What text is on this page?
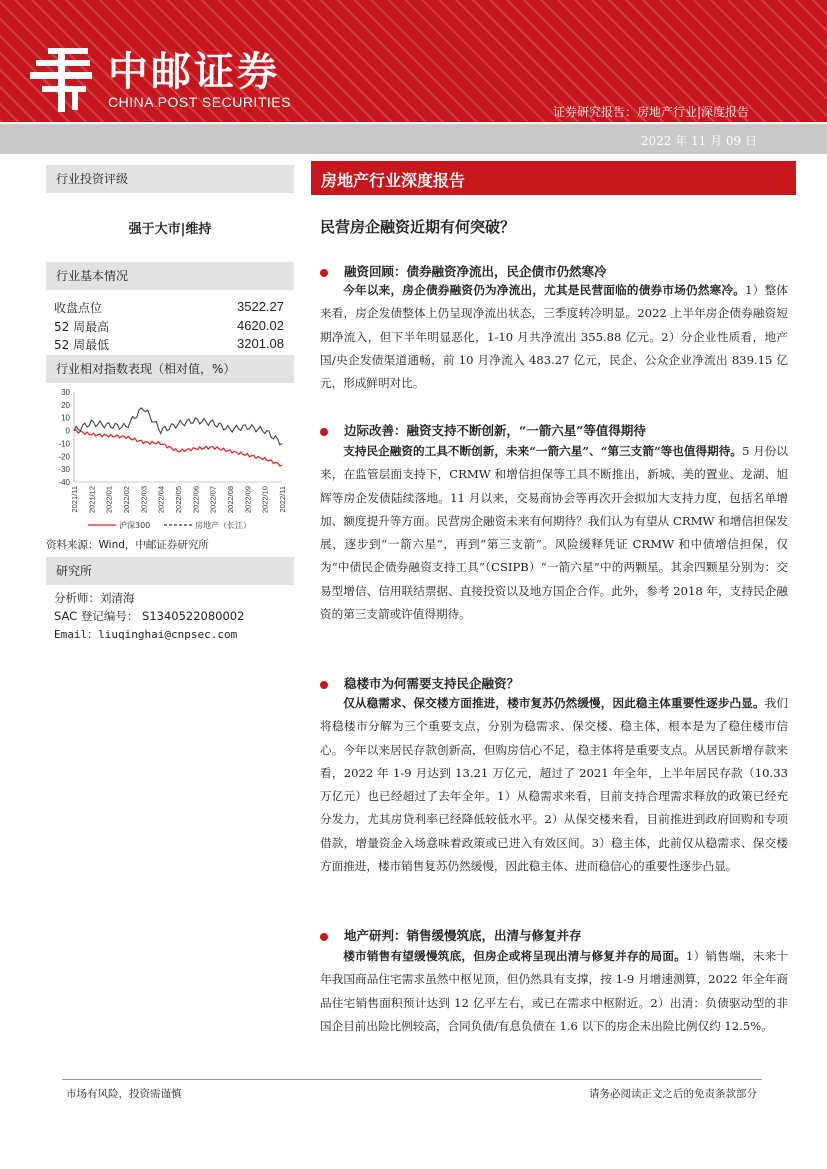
中邮证券
CHINA POST SECURITIES
证券研究报告：房地产行业|深度报告
2022 年 11 月 09 日
行业投资评级
强于大市|维持
行业基本情况
收盘点位	3522.27
52 周最高	4620.02
52 周最低	3201.08
行业相对指数表现（相对值，%）
30
20
10
0
-10
-20
-30
-40
2021/11 2021/12 2022/01 2022/02 2022/03 2022/04 2022/05 2022/06 2022/07 2022/08 2022/09 2022/10 2022/11
沪深300	房地产（长江）
资料来源：Wind，中邮证券研究所
研究所
分析师：刘清海
SAC 登记编号： S1340522080002
Email：liuqinghai@cnpsec.com
房地产行业深度报告
民营房企融资近期有何突破？
融资回顾：债券融资净流出，民企债市仍然寒冷
今年以来，房企债券融资仍为净流出，尤其是民营面临的债券市场仍然寒冷。1）整体来看，房企发债整体上仍呈现净流出状态，三季度转冷明显。2022 上半年房企债券融资短期净流入，但下半年明显恶化，1-10 月共净流出 355.88 亿元。2）分企业性质看，地产国/央企发债渠道通畅，前 10 月净流入 483.27 亿元，民企、公众企业净流出 839.15 亿元，形成鲜明对比。
边际改善：融资支持不断创新，“一箭六星”等值得期待
支持民企融资的工具不断创新，未来“一箭六星”、“第三支箭”等也值得期待。5 月份以来，在监管层面支持下，CRMW 和增信担保等工具不断推出，新城、美的置业、龙湖、旭辉等房企发债陆续落地。11 月以来，交易商协会等再次开会拟加大支持力度，包括名单增加、额度提升等方面。民营房企融资未来有何期待？我们认为有望从 CRMW 和增信担保发展，逐步到“一箭六星”，再到“第三支箭”。风险缓释凭证 CRMW 和中债增信担保，仅为“中债民企债券融资支持工具”（CSIPB）“一箭六星”中的两颗星。其余四颗星分别为：交易型增信、信用联结票据、直接投资以及地方国企合作。此外，参考 2018 年，支持民企融资的第三支箭或许值得期待。
稳楼市为何需要支持民企融资？
仅从稳需求、保交楼方面推进，楼市复苏仍然缓慢，因此稳主体重要性逐步凸显。我们将稳楼市分解为三个重要支点，分别为稳需求、保交楼、稳主体，根本是为了稳住楼市信心。今年以来居民存款创新高，但购房信心不足，稳主体将是重要支点。从居民新增存款来看，2022 年 1-9 月达到 13.21 万亿元，超过了 2021 年全年，上半年居民存款（10.33 万亿元）也已经超过了去年全年。1）从稳需求来看，目前支持合理需求释放的政策已经充分发力，尤其房贷利率已经降低较低水平。2）从保交楼来看，目前推进到政府回购和专项借款，增量资金入场意味着政策或已进入有效区间。3）稳主体，此前仅从稳需求、保交楼方面推进，楼市销售复苏仍然缓慢，因此稳主体、进而稳信心的重要性逐步凸显。
地产研判：销售缓慢筑底，出清与修复并存
楼市销售有望缓慢筑底，但房企或将呈现出清与修复并存的局面。1）销售端，未来十年我国商品住宅需求虽然中枢见顶，但仍然具有支撑，按 1-9 月增速测算，2022 年全年商品住宅销售面积预计达到 12 亿平左右，或已在需求中枢附近。2）出清：负债驱动型的非国企目前出险比例较高，合同负债/有息负债在 1.6 以下的房企未出险比例仅约 12.5%。
市场有风险，投资需谨慎	请务必阅读正文之后的免责条款部分
